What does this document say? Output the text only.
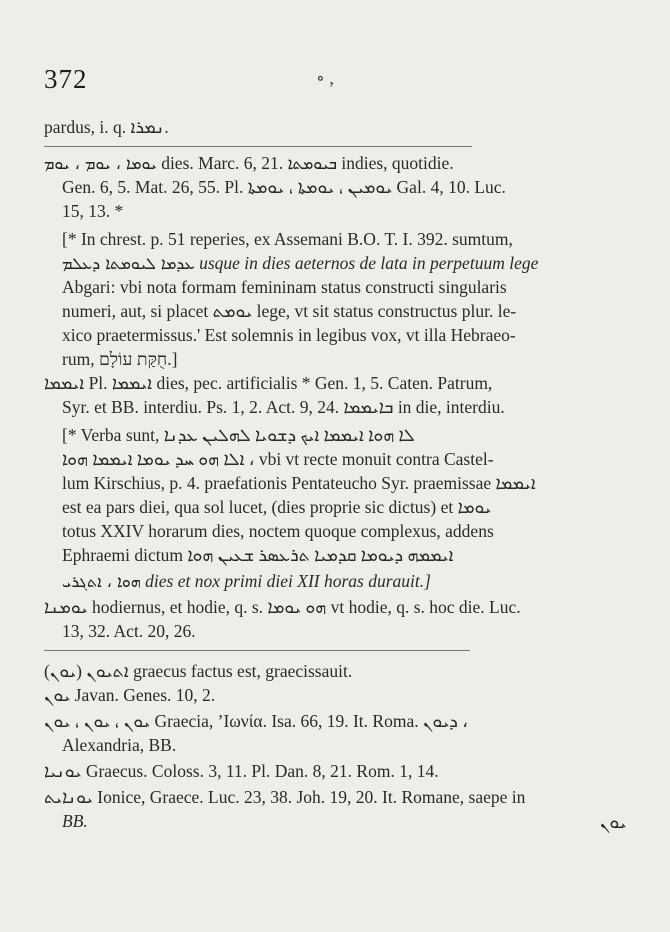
372	∘ ,
pardus, i. q. ܢܡܪܐ.
ܝܘܡܐ ، ܝܘܡ ، ܝܘܡ dies. Marc. 6, 21. ܒܝܘܡܬܐ indies, quotidie.
Gen. 6, 5. Mat. 26, 55. Pl. ܝܘܡܝܢ ، ܝܘܡܬܐ ، ܝܘܡܬܐ Gal. 4, 10. Luc.
15, 13. *
[* In chrest. p. 51 reperies, ex Assemani B.O. T. I. 392. sumtum,
ܥܕܡܐ ܠܝܘܡܬܐ ܕܥܠܡ usque in dies aeternos de lata in perpetuum lege
Abgari: vbi nota formam femininam status constructi singularis
numeri, aut, si placet ܝܘܡܬ lege, vt sit status constructus plur. le-
xico praetermissus.' Est solemnis in legibus vox, vt illa Hebraeo-
rum, חֻקַּת עוֹלָם.]
ܐܝܡܡܐ Pl. ܐܝܡܡܐ dies, pec. artificialis * Gen. 1, 5. Caten. Patrum,
Syr. et BB. interdiu. Ps. 1, 2. Act. 9, 24. ܒܐܝܡܡܐ in die, interdiu.
[* Verba sunt, ܠܐ ܗܘܐ ܐܝܡܡܐ ܐܝܟ ܕܫܘܝܐ ܠܗܠܝܢ ܥܕܢܐ
ܐܠܐ ܗܘ ܚܕ ܝܘܡܐ ܐܝܡܡܐ ܗܘܐ ، vbi vt recte monuit contra Castel-
lum Kirschius, p. 4. praefationis Pentateucho Syr. praemissae ܐܝܡܡܐ
est ea pars diei, qua sol lucet, (dies proprie sic dictus) et ܝܘܡܐ
totus XXIV horarum dies, noctem quoque complexus, addens
Ephraemi dictum ܐܝܡܡܗ ܕܝܘܡܐ ܩܕܡܝܐ ܬܪܥܣܪ ܫܥܝܢ ܗܘܐ
ܗܘܐ ، ܐܬܓܪܝ dies et nox primi diei XII horas durauit.]
ܝܘܡܢܐ hodiernus, et hodie, q. s. ܗܘ ܝܘܡܐ vt hodie, q. s. hoc die. Luc.
13, 32. Act. 20, 26.
(ܝܘܢ) ܐܬܝܘܢ graecus factus est, graecissauit.
ܝܘܢ Javan. Genes. 10, 2.
ܝܘܢ ، ܝܘܢ ، ܝܘܢ Graecia, ’Ιωνία. Isa. 66, 19. It. Roma. ܕܝܘܢ ،
Alexandria, BB.
ܝܘܢܝܐ Graecus. Coloss. 3, 11. Pl. Dan. 8, 21. Rom. 1, 14.
ܝܘܢܐܝܬ Ionice, Graece. Luc. 23, 38. Joh. 19, 20. It. Romane, saepe in
BB.	ܝܘܢ
